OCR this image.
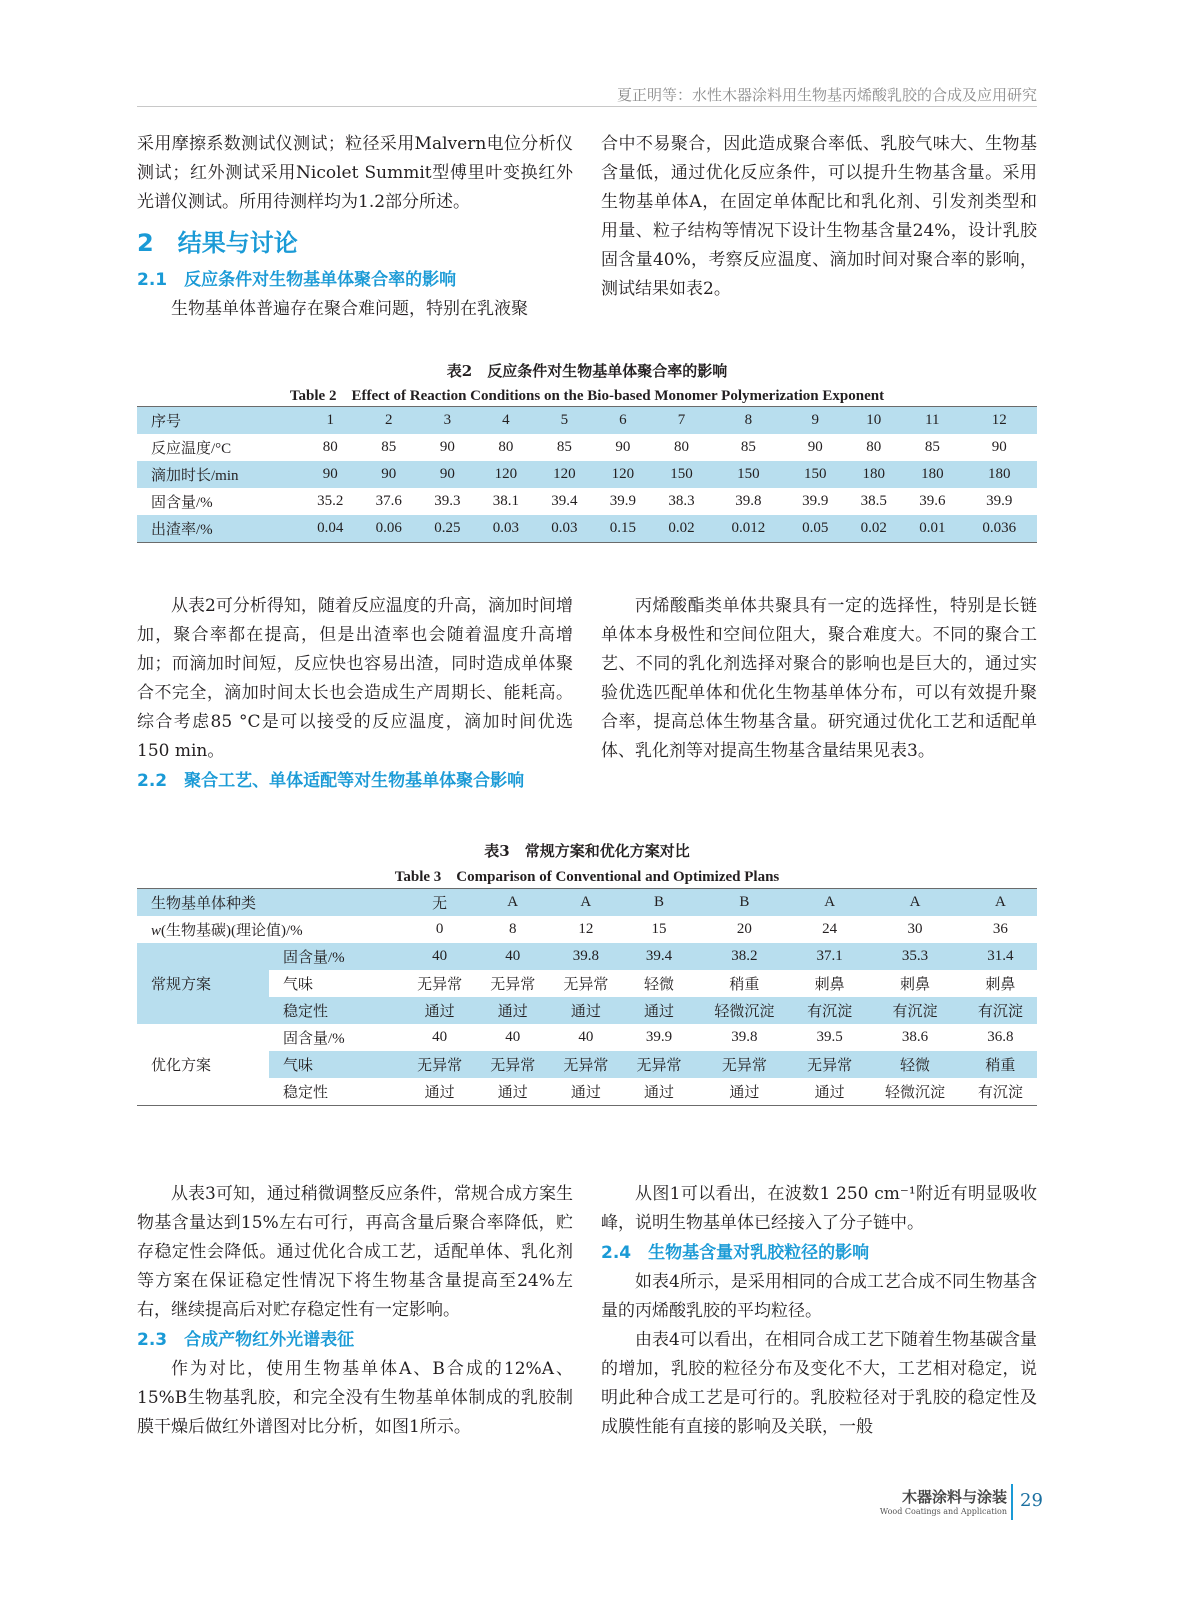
夏正明等：水性木器涂料用生物基丙烯酸乳胶的合成及应用研究

采用摩擦系数测试仪测试；粒径采用Malvern电位分析仪测试；红外测试采用Nicolet Summit型傅里叶变换红外光谱仪测试。所用待测样均为1.2部分所述。

2　结果与讨论
2.1　反应条件对生物基单体聚合率的影响

生物基单体普遍存在聚合难问题，特别在乳液聚

合中不易聚合，因此造成聚合率低、乳胶气味大、生物基含量低，通过优化反应条件，可以提升生物基含量。采用生物基单体A，在固定单体配比和乳化剂、引发剂类型和用量、粒子结构等情况下设计生物基含量24%，设计乳胶固含量40%，考察反应温度、滴加时间对聚合率的影响，测试结果如表2。

表2　反应条件对生物基单体聚合率的影响
Table 2　Effect of Reaction Conditions on the Bio-based Monomer Polymerization Exponent
序号	1	2	3	4	5	6	7	8	9	10	11	12
反应温度/°C	80	85	90	80	85	90	80	85	90	80	85	90
滴加时长/min	90	90	90	120	120	120	150	150	150	180	180	180
固含量/%	35.2	37.6	39.3	38.1	39.4	39.9	38.3	39.8	39.9	38.5	39.6	39.9
出渣率/%	0.04	0.06	0.25	0.03	0.03	0.15	0.02	0.012	0.05	0.02	0.01	0.036

从表2可分析得知，随着反应温度的升高，滴加时间增加，聚合率都在提高，但是出渣率也会随着温度升高增加；而滴加时间短，反应快也容易出渣，同时造成单体聚合不完全，滴加时间太长也会造成生产周期长、能耗高。综合考虑85 °C是可以接受的反应温度，滴加时间优选150 min。

2.2　聚合工艺、单体适配等对生物基单体聚合影响

丙烯酸酯类单体共聚具有一定的选择性，特别是长链单体本身极性和空间位阻大，聚合难度大。不同的聚合工艺、不同的乳化剂选择对聚合的影响也是巨大的，通过实验优选匹配单体和优化生物基单体分布，可以有效提升聚合率，提高总体生物基含量。研究通过优化工艺和适配单体、乳化剂等对提高生物基含量结果见表3。

表3　常规方案和优化方案对比
Table 3　Comparison of Conventional and Optimized Plans
生物基单体种类		无	A	A	B	B	A	A	A
w(生物基碳)(理论值)/%		0	8	12	15	20	24	30	36
常规方案	固含量/%	40	40	39.8	39.4	38.2	37.1	35.3	31.4
	气味	无异常	无异常	无异常	轻微	稍重	刺鼻	刺鼻	刺鼻
	稳定性	通过	通过	通过	通过	轻微沉淀	有沉淀	有沉淀	有沉淀
优化方案	固含量/%	40	40	40	39.9	39.8	39.5	38.6	36.8
	气味	无异常	无异常	无异常	无异常	无异常	无异常	轻微	稍重
	稳定性	通过	通过	通过	通过	通过	通过	轻微沉淀	有沉淀

从表3可知，通过稍微调整反应条件，常规合成方案生物基含量达到15%左右可行，再高含量后聚合率降低，贮存稳定性会降低。通过优化合成工艺，适配单体、乳化剂等方案在保证稳定性情况下将生物基含量提高至24%左右，继续提高后对贮存稳定性有一定影响。

2.3　合成产物红外光谱表征

作为对比，使用生物基单体A、B合成的12%A、15%B生物基乳胶，和完全没有生物基单体制成的乳胶制膜干燥后做红外谱图对比分析，如图1所示。

从图1可以看出，在波数1 250 cm⁻¹附近有明显吸收峰，说明生物基单体已经接入了分子链中。

2.4　生物基含量对乳胶粒径的影响

如表4所示，是采用相同的合成工艺合成不同生物基含量的丙烯酸乳胶的平均粒径。

由表4可以看出，在相同合成工艺下随着生物基碳含量的增加，乳胶的粒径分布及变化不大，工艺相对稳定，说明此种合成工艺是可行的。乳胶粒径对于乳胶的稳定性及成膜性能有直接的影响及关联，一般

木器涂料与涂装
Wood Coatings and Application
29
